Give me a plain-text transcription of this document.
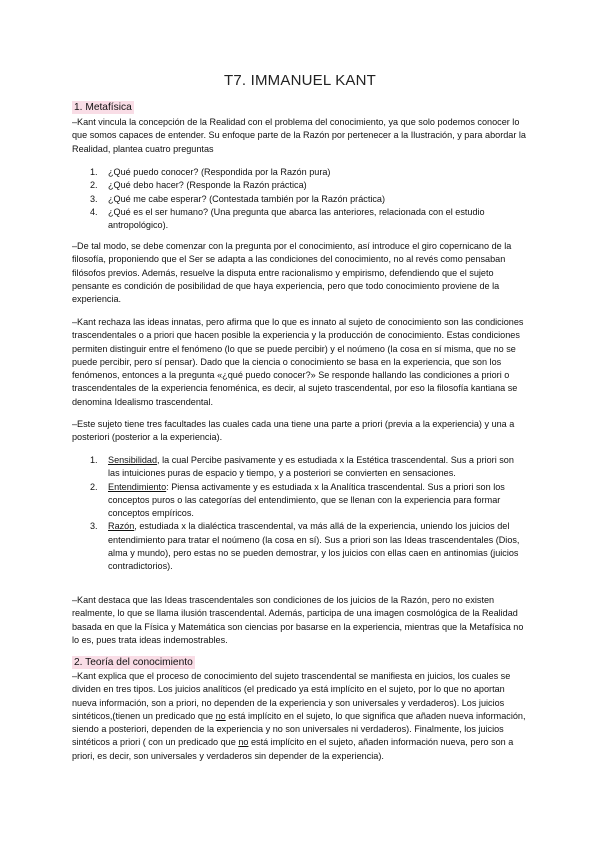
T7. IMMANUEL KANT
1. Metafísica
–Kant vincula la concepción de la Realidad con el problema del conocimiento, ya que solo podemos conocer lo que somos capaces de entender. Su enfoque parte de la Razón por pertenecer a la Ilustración, y para abordar la Realidad, plantea cuatro preguntas
1. ¿Qué puedo conocer? (Respondida por la Razón pura)
2. ¿Qué debo hacer? (Responde la Razón práctica)
3. ¿Qué me cabe esperar? (Contestada también por la Razón práctica)
4. ¿Qué es el ser humano? (Una pregunta que abarca las anteriores, relacionada con el estudio antropológico).
–De tal modo, se debe comenzar con la pregunta por el conocimiento, así introduce el giro copernicano de la filosofía, proponiendo que el Ser se adapta a las condiciones del conocimiento, no al revés como pensaban filósofos previos. Además, resuelve la disputa entre racionalismo y empirismo, defendiendo que el sujeto pensante es condición de posibilidad de que haya experiencia, pero que todo conocimiento proviene de la experiencia.
–Kant rechaza las ideas innatas, pero afirma que lo que es innato al sujeto de conocimiento son las condiciones trascendentales o a priori que hacen posible la experiencia y la producción de conocimiento. Estas condiciones permiten distinguir entre el fenómeno (lo que se puede percibir) y el noúmeno (la cosa en sí misma, que no se puede percibir, pero sí pensar). Dado que la ciencia o conocimiento se basa en la experiencia, que son los fenómenos, entonces a la pregunta «¿qué puedo conocer?» Se responde hallando las condiciones a priori o trascendentales de la experiencia fenoménica, es decir, al sujeto trascendental, por eso la filosofía kantiana se denomina Idealismo trascendental.
–Este sujeto tiene tres facultades las cuales cada una tiene una parte a priori (previa a la experiencia) y una a posteriori (posterior a la experiencia).
1. Sensibilidad, la cual Percibe pasivamente y es estudiada x la Estética trascendental. Sus a priori son las intuiciones puras de espacio y tiempo, y a posteriori se convierten en sensaciones.
2. Entendimiento: Piensa activamente y es estudiada x la Analítica trascendental. Sus a priori son los conceptos puros o las categorías del entendimiento, que se llenan con la experiencia para formar conceptos empíricos.
3. Razón, estudiada x la dialéctica trascendental, va más allá de la experiencia, uniendo los juicios del entendimiento para tratar el noúmeno (la cosa en sí). Sus a priori son las Ideas trascendentales (Dios, alma y mundo), pero estas no se pueden demostrar, y los juicios con ellas caen en antinomias (juicios contradictorios).
–Kant destaca que las Ideas trascendentales son condiciones de los juicios de la Razón, pero no existen realmente, lo que se llama ilusión trascendental. Además, participa de una imagen cosmológica de la Realidad basada en que la Física y Matemática son ciencias por basarse en la experiencia, mientras que la Metafísica no lo es, pues trata ideas indemostrables.
2. Teoría del conocimiento
–Kant explica que el proceso de conocimiento del sujeto trascendental se manifiesta en juicios, los cuales se dividen en tres tipos. Los juicios analíticos (el predicado ya está implícito en el sujeto, por lo que no aportan nueva información, son a priori, no dependen de la experiencia y son universales y verdaderos). Los juicios sintéticos,(tienen un predicado que no está implícito en el sujeto, lo que significa que añaden nueva información, siendo a posteriori, dependen de la experiencia y no son universales ni verdaderos). Finalmente, los juicios sintéticos a priori ( con un predicado que no está implícito en el sujeto, añaden información nueva, pero son a priori, es decir, son universales y verdaderos sin depender de la experiencia).
